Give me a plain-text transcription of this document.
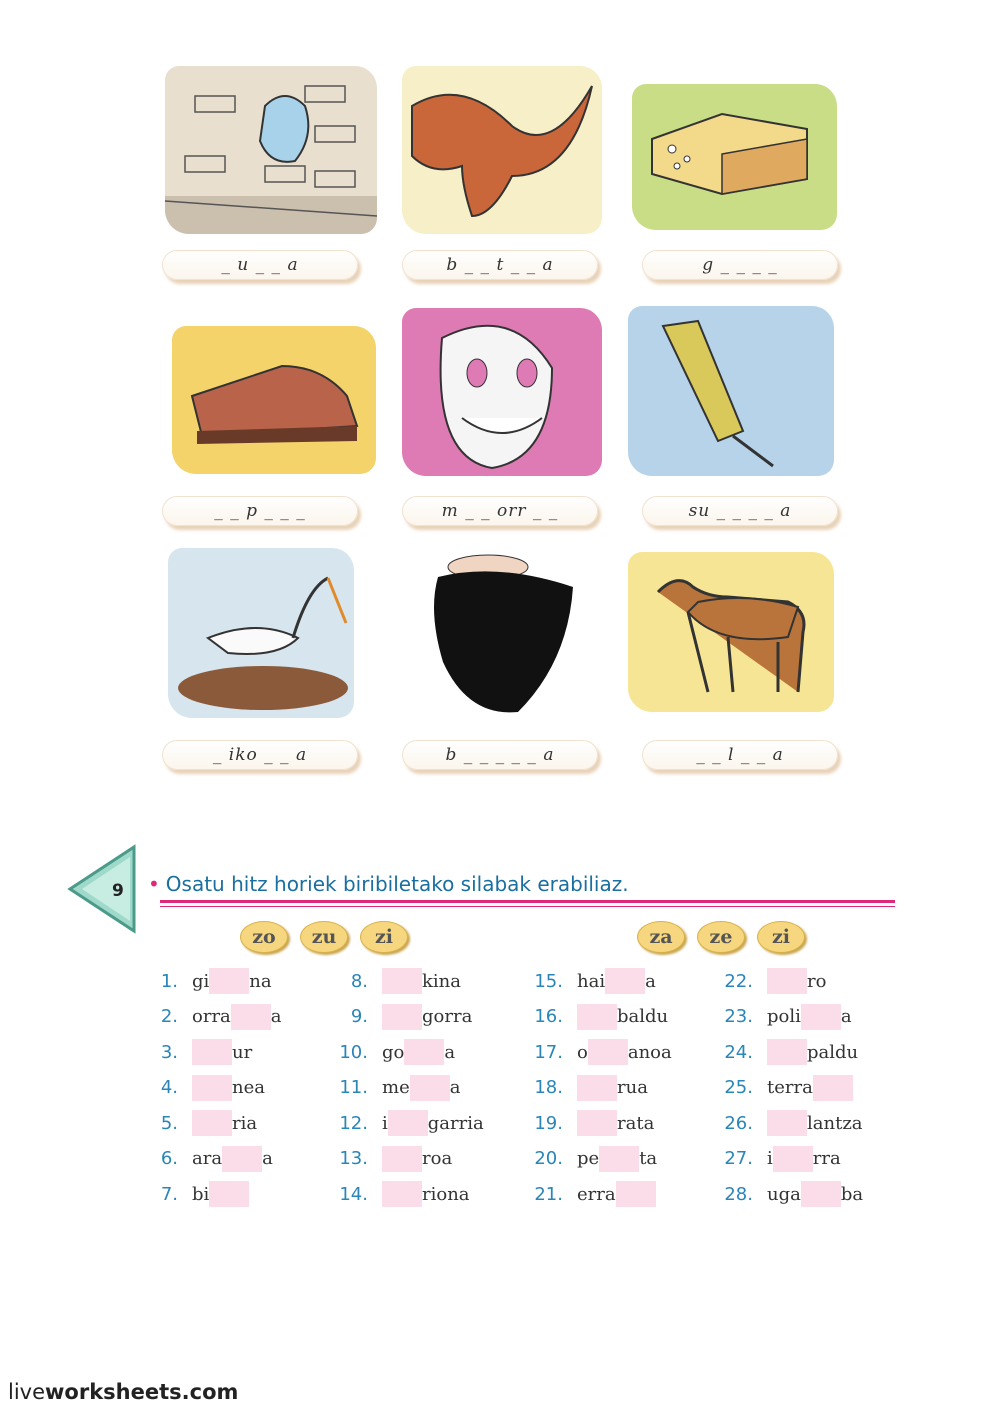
_ u _ _ a	b _ _ t _ _ a	g _ _ _ _
_ _ p _ _ _	m _ _ orr _ _	su _ _ _ _ a
_ iko _ _ a	b _ _ _ _ _ a	_ _ l _ _ a
9 • Osatu hitz horiek biribiletako silabak erabiliaz.
zo	zu	zi	za	ze	zi
1. gi na
2. orra a
3.	ur
4.	nea
5.	ria
6. ara a
7. bi
8.	kina
9.	gorra
10. go a
11. me a
12. i garria
13.	roa
14.	riona
15. hai a
16.	baldu
17. o anoa
18.	rua
19.	rata
20. pe ta
21. erra
22.	ro
23. poli a
24.	paldu
25. terra
26.	lantza
27. i rra
28. uga ba
liveworksheets.com
